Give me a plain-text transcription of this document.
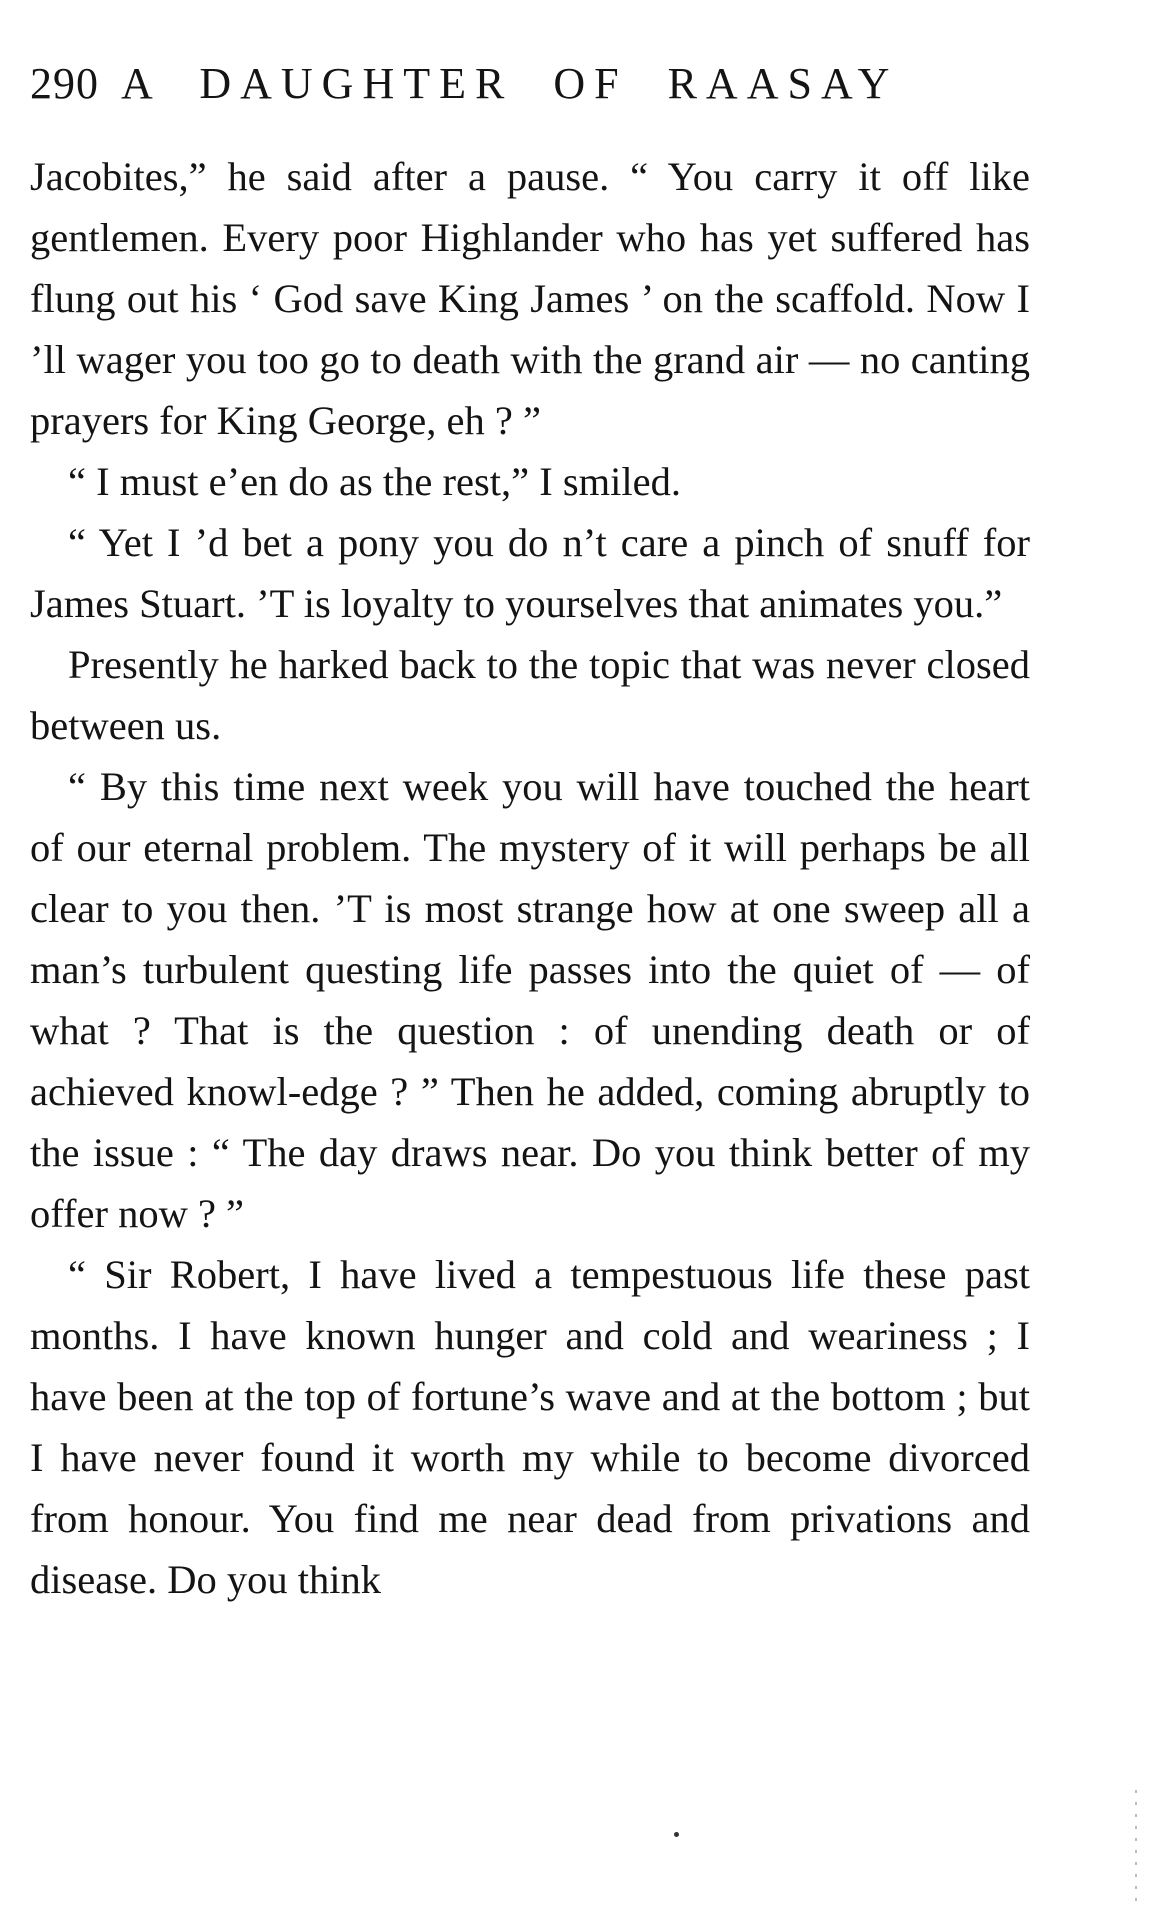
290 A DAUGHTER OF RAASAY

Jacobites,” he said after a pause. “ You carry it off like gentlemen. Every poor Highlander who has yet suffered has flung out his ‘ God save King James ’ on the scaffold. Now I ’ll wager you too go to death with the grand air — no canting prayers for King George, eh ? ”

“ I must e’en do as the rest,” I smiled.

“ Yet I ’d bet a pony you do n’t care a pinch of snuff for James Stuart. ’T is loyalty to yourselves that animates you.”

Presently he harked back to the topic that was never closed between us.

“ By this time next week you will have touched the heart of our eternal problem. The mystery of it will perhaps be all clear to you then. ’T is most strange how at one sweep all a man’s turbulent questing life passes into the quiet of — of what ? That is the question : of unending death or of achieved knowl-edge ? ” Then he added, coming abruptly to the issue : “ The day draws near. Do you think better of my offer now ? ”

“ Sir Robert, I have lived a tempestuous life these past months. I have known hunger and cold and weariness ; I have been at the top of fortune’s wave and at the bottom ; but I have never found it worth my while to become divorced from honour. You find me near dead from privations and disease. Do you think
